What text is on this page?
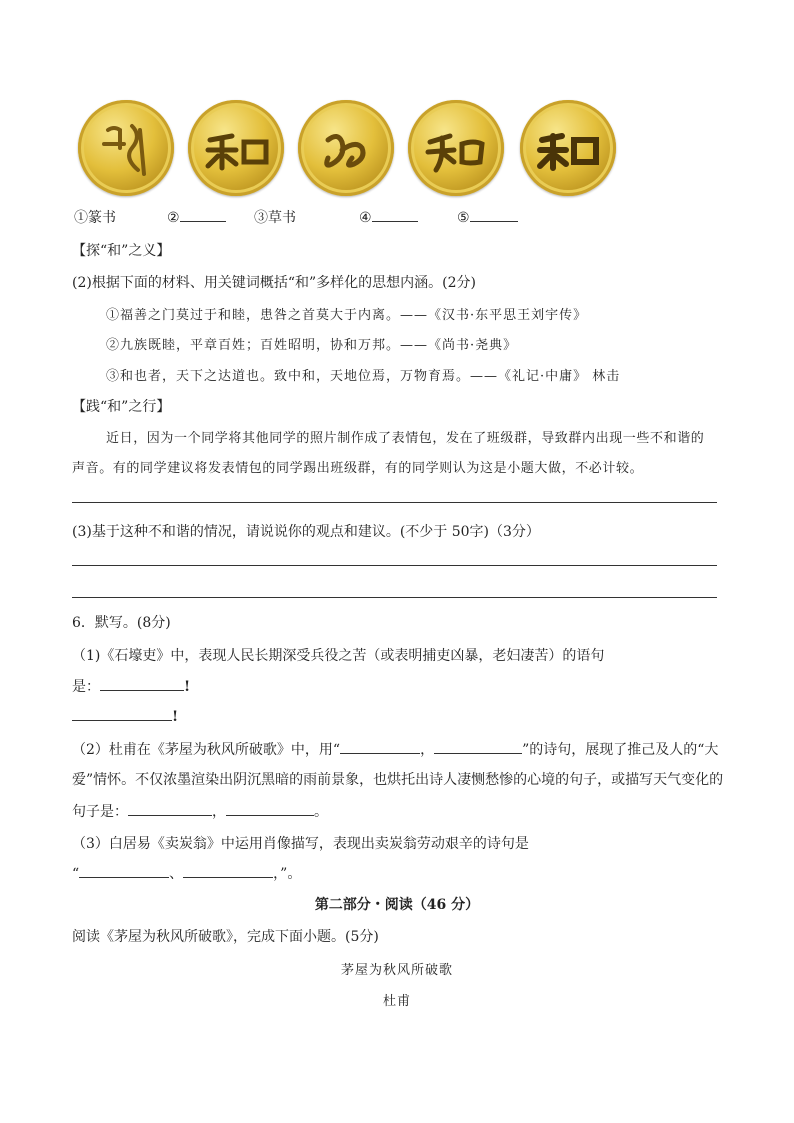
①篆书	②	③草书	④	⑤
【探“和”之义】
(2)根据下面的材料、用关键词概括“和”多样化的思想内涵。(2分)
①福善之门莫过于和睦，患咎之首莫大于内离。——《汉书·东平思王刘宇传》
②九族既睦，平章百姓；百姓昭明，协和万邦。——《尚书·尧典》
③和也者，天下之达道也。致中和，天地位焉，万物育焉。——《礼记·中庸》 林击
【践“和”之行】
近日，因为一个同学将其他同学的照片制作成了表情包，发在了班级群，导致群内出现一些不和谐的
声音。有的同学建议将发表情包的同学踢出班级群，有的同学则认为这是小题大做，不必计较。
(3)基于这种不和谐的情况，请说说你的观点和建议。(不少于 50字)（3分）
6．默写。(8分)
（1)《石壕吏》中，表现人民长期深受兵役之苦（或表明捕吏凶暴，老妇凄苦）的语句
是：	!
!
（2）杜甫在《茅屋为秋风所破歌》中，用“	，	”的诗句，展现了推己及人的“大
爱”情怀。不仅浓墨渲染出阴沉黑暗的雨前景象，也烘托出诗人凄恻愁惨的心境的句子，或描写天气变化的
句子是：	，	。
（3）白居易《卖炭翁》中运用肖像描写，表现出卖炭翁劳动艰辛的诗句是
“	、	，”。
第二部分・阅读（46 分）
阅读《茅屋为秋风所破歌》，完成下面小题。(5分)
茅屋为秋风所破歌
杜甫
